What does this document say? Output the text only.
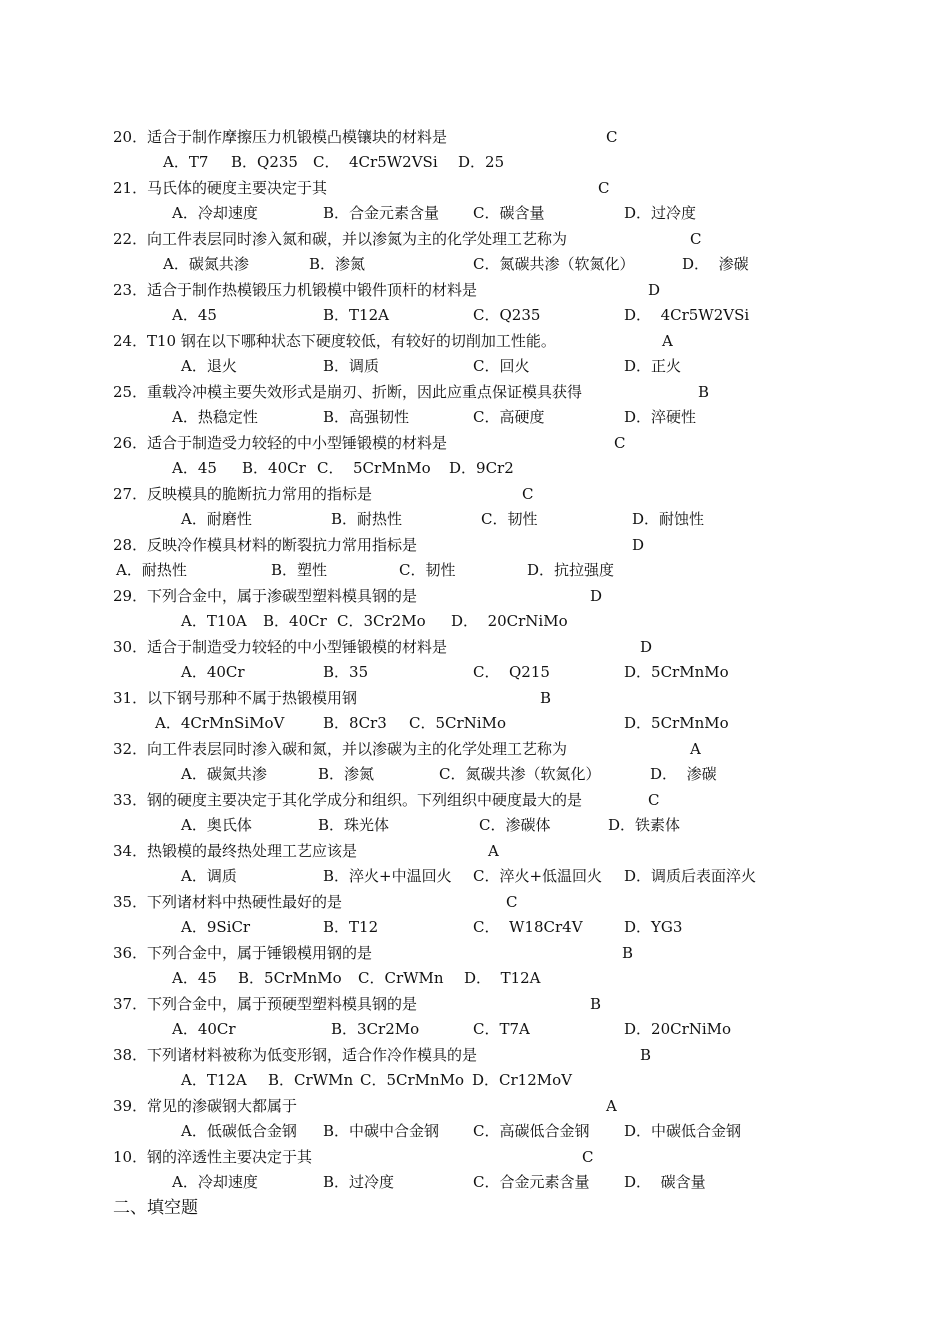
20． 适合于制作摩擦压力机锻模凸模镶块的材料是	C
A．T7 B．Q235 C．  4Cr5W2VSi D．25
21． 马氏体的硬度主要决定于其	C
A．冷却速度	B．合金元素含量 C．碳含量	D．过冷度
22． 向工件表层同时渗入氮和碳，并以渗氮为主的化学处理工艺称为	C
A．碳氮共渗	B．渗氮	C．氮碳共渗（软氮化）	D．  渗碳
23． 适合于制作热模锻压力机锻模中锻件顶杆的材料是	D
A．45	B．T12A	C．Q235	D．  4Cr5W2VSi
24． T10 钢在以下哪种状态下硬度较低，有较好的切削加工性能。	A
A．退火	B．调质	C．回火	D．正火
25． 重载冷冲模主要失效形式是崩刃、折断，因此应重点保证模具获得	B
A．热稳定性	B．高强韧性	C．高硬度	D．淬硬性
26． 适合于制造受力较轻的中小型锤锻模的材料是	C
A．45 B．40Cr C．  5CrMnMo D．9Cr2
27． 反映模具的脆断抗力常用的指标是	C
A．耐磨性	B．耐热性	C．韧性	D．耐蚀性
28． 反映冷作模具材料的断裂抗力常用指标是	D
A．耐热性	B．塑性	C．韧性	D．抗拉强度
29． 下列合金中，属于渗碳型塑料模具钢的是	D
A．T10A B．40Cr C．3Cr2Mo D．  20CrNiMo
30． 适合于制造受力较轻的中小型锤锻模的材料是	D
A．40Cr	B．35	C．  Q215	D．5CrMnMo
31． 以下钢号那种不属于热锻模用钢	B
A．4CrMnSiMoV	B．8Cr3 C．5CrNiMo	D．5CrMnMo
32． 向工件表层同时渗入碳和氮，并以渗碳为主的化学处理工艺称为	A
A．碳氮共渗	B．渗氮	C．氮碳共渗（软氮化）	D．  渗碳
33． 钢的硬度主要决定于其化学成分和组织。下列组织中硬度最大的是	C
A．奥氏体	B．珠光体	C．渗碳体	D．铁素体
34． 热锻模的最终热处理工艺应该是	A
A．调质	B．淬火+中温回火 C．淬火+低温回火 D．调质后表面淬火
35． 下列诸材料中热硬性最好的是	C
A．9SiCr	B．T12	C．  W18Cr4V	D．YG3
36． 下列合金中，属于锤锻模用钢的是	B
A．45 B．5CrMnMo C．CrWMn D．  T12A
37． 下列合金中，属于预硬型塑料模具钢的是	B
A．40Cr	B．3Cr2Mo	C．T7A	D．20CrNiMo
38． 下列诸材料被称为低变形钢，适合作冷作模具的是	B
A．T12A B．CrWMn C．5CrMnMo D．Cr12MoV
39． 常见的渗碳钢大都属于	A
A．低碳低合金钢 B．中碳中合金钢 C．高碳低合金钢 D．中碳低合金钢
10． 钢的淬透性主要决定于其	C
A．冷却速度	B．过冷度	C．合金元素含量 D．  碳含量
二、填空题
